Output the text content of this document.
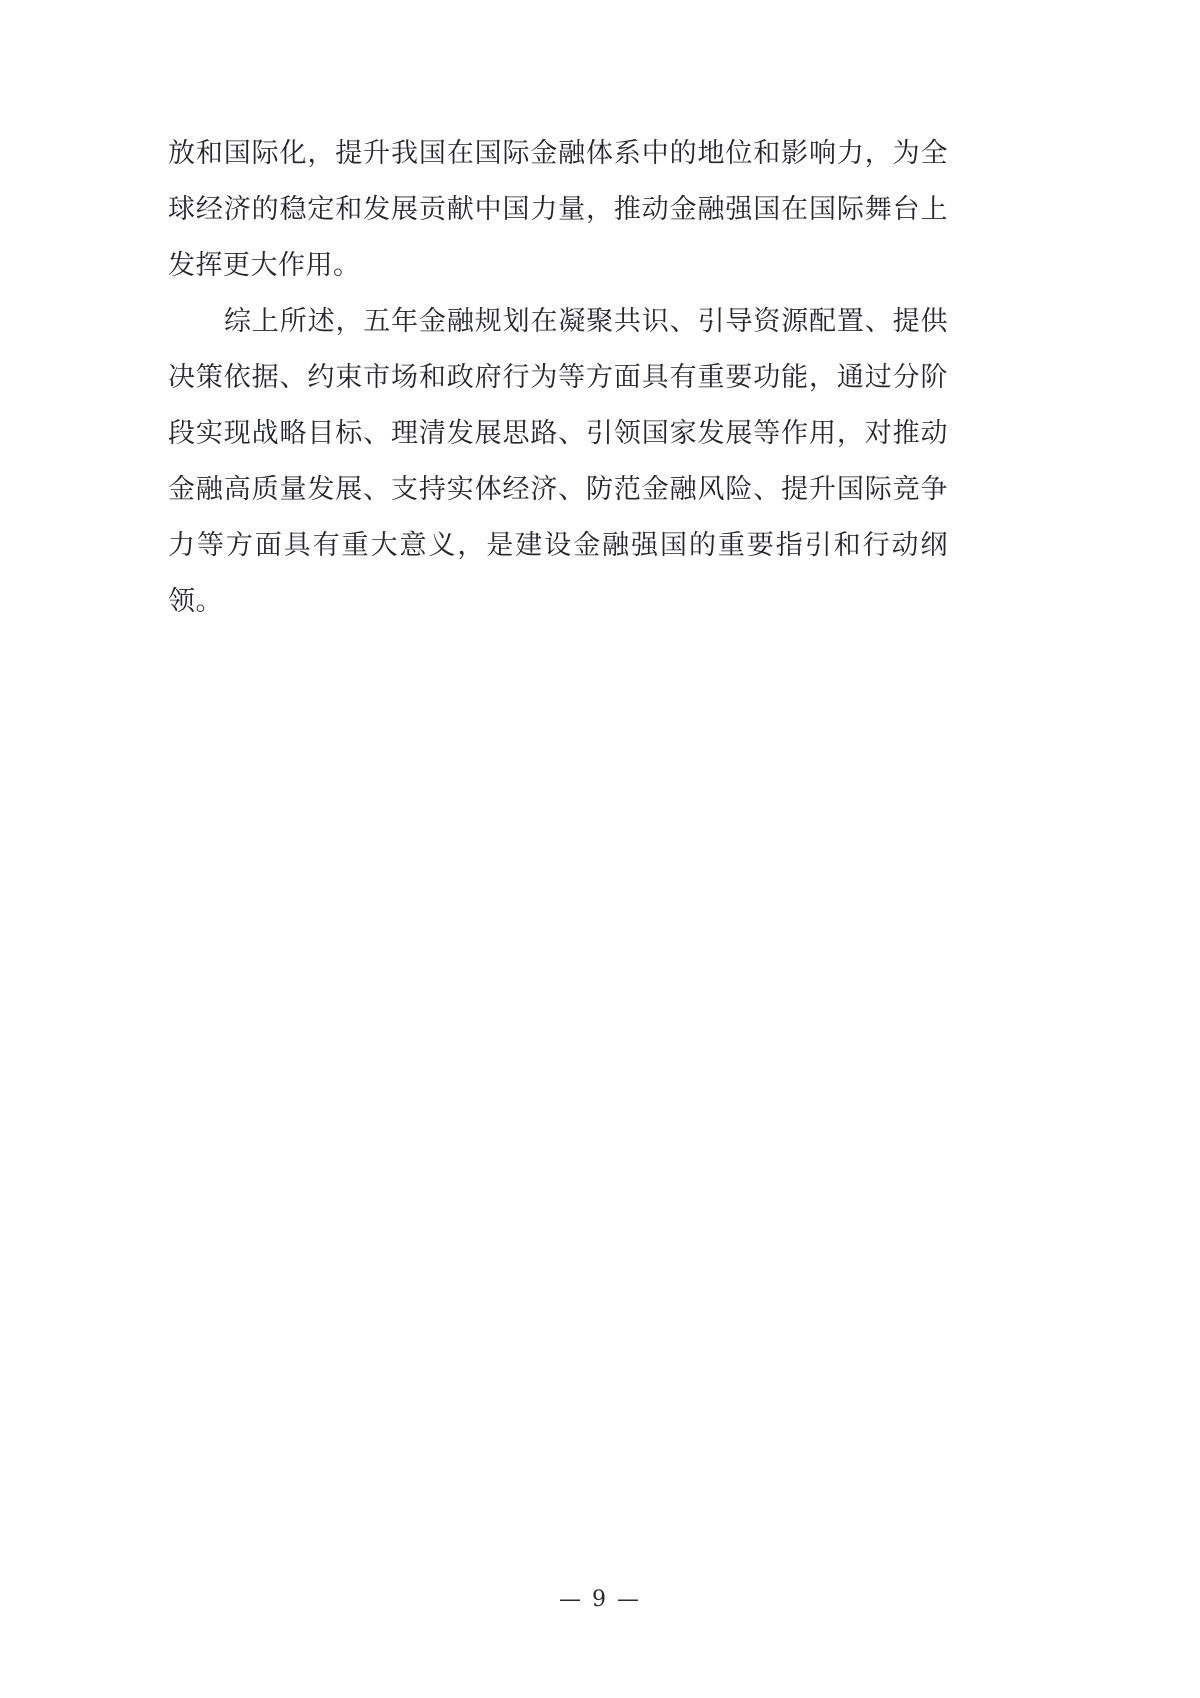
放和国际化，提升我国在国际金融体系中的地位和影响力，为全球经济的稳定和发展贡献中国力量，推动金融强国在国际舞台上发挥更大作用。

综上所述，五年金融规划在凝聚共识、引导资源配置、提供决策依据、约束市场和政府行为等方面具有重要功能，通过分阶段实现战略目标、理清发展思路、引领国家发展等作用，对推动金融高质量发展、支持实体经济、防范金融风险、提升国际竞争力等方面具有重大意义，是建设金融强国的重要指引和行动纲领。

— 9 —
